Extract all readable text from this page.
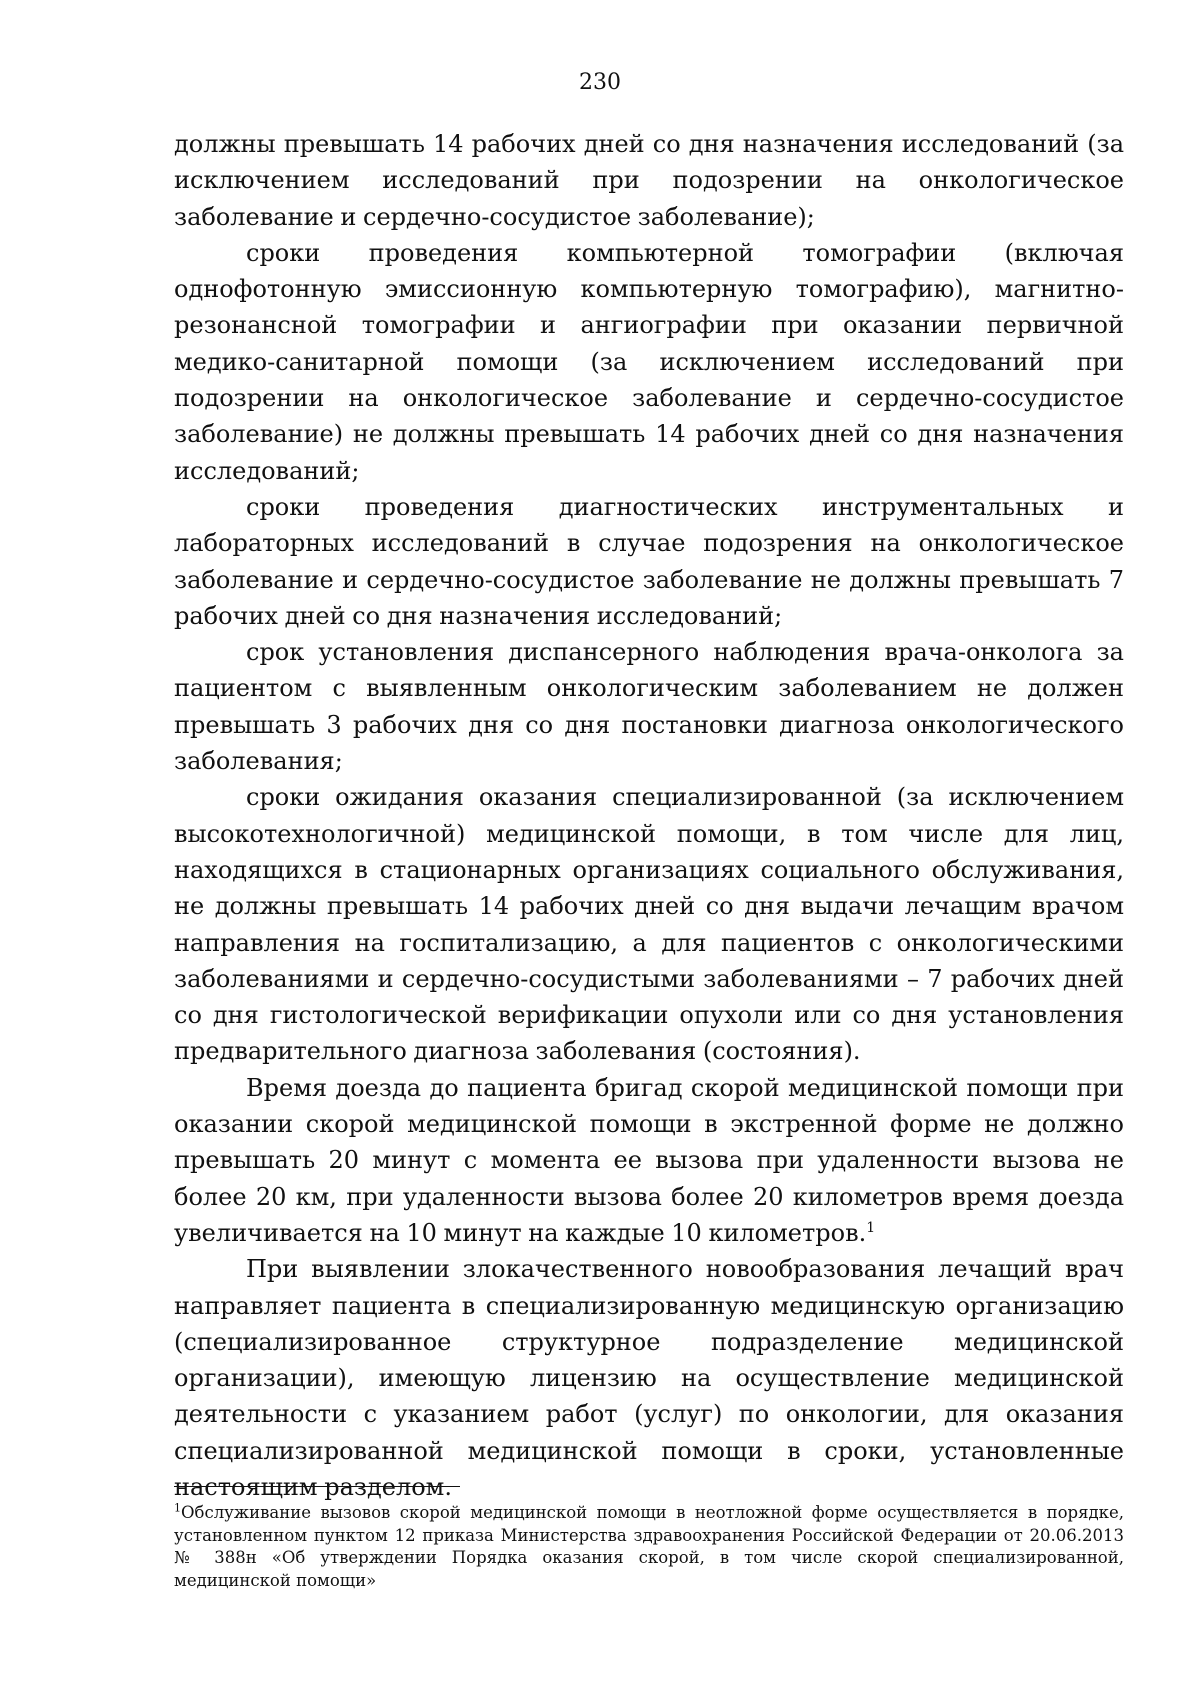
230

должны превышать 14 рабочих дней со дня назначения исследований (за исключением исследований при подозрении на онкологическое заболевание и сердечно-сосудистое заболевание);

сроки проведения компьютерной томографии (включая однофотонную эмиссионную компьютерную томографию), магнитно-резонансной томографии и ангиографии при оказании первичной медико-санитарной помощи (за исключением исследований при подозрении на онкологическое заболевание и сердечно-сосудистое заболевание) не должны превышать 14 рабочих дней со дня назначения исследований;

сроки проведения диагностических инструментальных и лабораторных исследований в случае подозрения на онкологическое заболевание и сердечно-сосудистое заболевание не должны превышать 7 рабочих дней со дня назначения исследований;

срок установления диспансерного наблюдения врача-онколога за пациентом с выявленным онкологическим заболеванием не должен превышать 3 рабочих дня со дня постановки диагноза онкологического заболевания;

сроки ожидания оказания специализированной (за исключением высокотехнологичной) медицинской помощи, в том числе для лиц, находящихся в стационарных организациях социального обслуживания, не должны превышать 14 рабочих дней со дня выдачи лечащим врачом направления на госпитализацию, а для пациентов с онкологическими заболеваниями и сердечно-сосудистыми заболеваниями – 7 рабочих дней со дня гистологической верификации опухоли или со дня установления предварительного диагноза заболевания (состояния).

Время доезда до пациента бригад скорой медицинской помощи при оказании скорой медицинской помощи в экстренной форме не должно превышать 20 минут с момента ее вызова при удаленности вызова не более 20 км, при удаленности вызова более 20 километров время доезда увеличивается на 10 минут на каждые 10 километров.$^1$

При выявлении злокачественного новообразования лечащий врач направляет пациента в специализированную медицинскую организацию (специализированное структурное подразделение медицинской организации), имеющую лицензию на осуществление медицинской деятельности с указанием работ (услуг) по онкологии, для оказания специализированной медицинской помощи в сроки, установленные настоящим разделом.

$^1$Обслуживание вызовов скорой медицинской помощи в неотложной форме осуществляется в порядке, установленном пунктом 12 приказа Министерства здравоохранения Российской Федерации от 20.06.2013 № 388н «Об утверждении Порядка оказания скорой, в том числе скорой специализированной, медицинской помощи»
